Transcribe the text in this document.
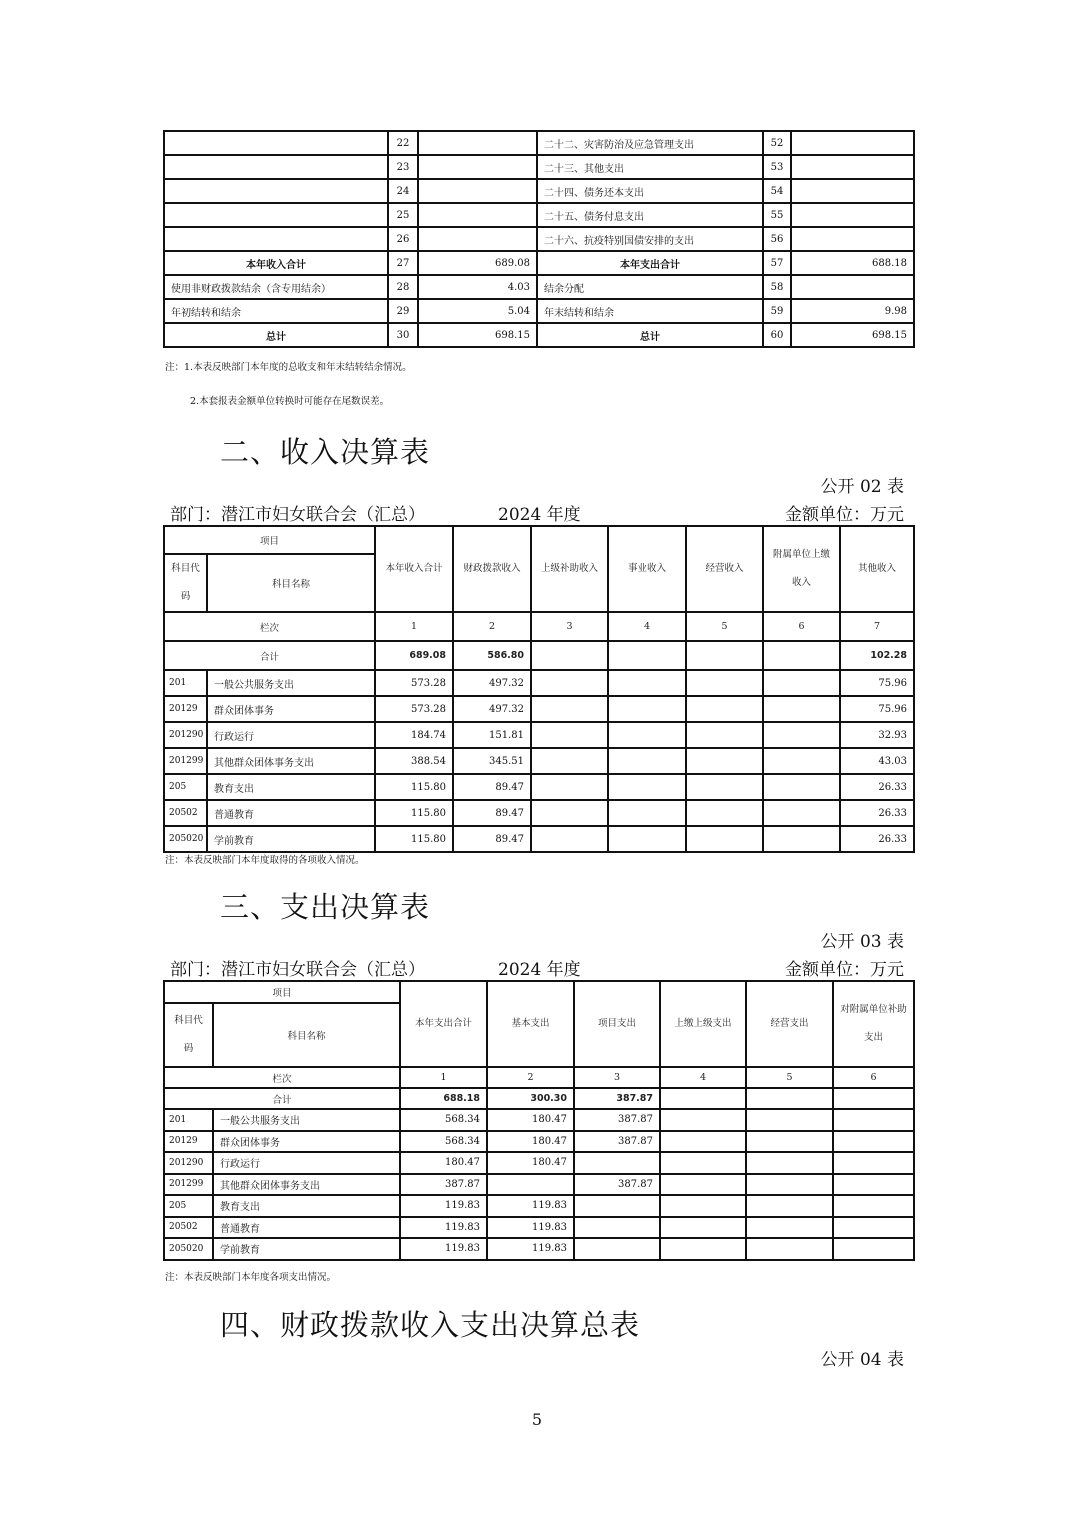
	22		二十二、灾害防治及应急管理支出	52	
	23		二十三、其他支出	53	
	24		二十四、债务还本支出	54	
	25		二十五、债务付息支出	55	
	26		二十六、抗疫特别国债安排的支出	56	
本年收入合计	27	689.08	本年支出合计	57	688.18
使用非财政拨款结余（含专用结余）	28	4.03	结余分配	58	
年初结转和结余	29	5.04	年末结转和结余	59	9.98
总计	30	698.15	总计	60	698.15
注：1.本表反映部门本年度的总收支和年末结转结余情况。
2.本套报表金额单位转换时可能存在尾数误差。
二、收入决算表
公开 02 表
部门：潜江市妇女联合会（汇总）	2024 年度	金额单位：万元
项目		本年收入合计	财政拨款收入	上级补助收入	事业收入	经营收入	附属单位上缴收入	其他收入
科目代码	科目名称							
栏次		1	2	3	4	5	6	7
合计		689.08	586.80					102.28
201	一般公共服务支出	573.28	497.32					75.96
20129	群众团体事务	573.28	497.32					75.96
201290	行政运行	184.74	151.81					32.93
201299	其他群众团体事务支出	388.54	345.51					43.03
205	教育支出	115.80	89.47					26.33
20502	普通教育	115.80	89.47					26.33
205020	学前教育	115.80	89.47					26.33
注：本表反映部门本年度取得的各项收入情况。
三、支出决算表
公开 03 表
部门：潜江市妇女联合会（汇总）	2024 年度	金额单位：万元
项目		本年支出合计	基本支出	项目支出	上缴上级支出	经营支出	对附属单位补助支出
科目代码	科目名称						
栏次		1	2	3	4	5	6
合计		688.18	300.30	387.87			
201	一般公共服务支出	568.34	180.47	387.87			
20129	群众团体事务	568.34	180.47	387.87			
201290	行政运行	180.47	180.47				
201299	其他群众团体事务支出	387.87		387.87			
205	教育支出	119.83	119.83				
20502	普通教育	119.83	119.83				
205020	学前教育	119.83	119.83				
注：本表反映部门本年度各项支出情况。
四、财政拨款收入支出决算总表
公开 04 表
5
